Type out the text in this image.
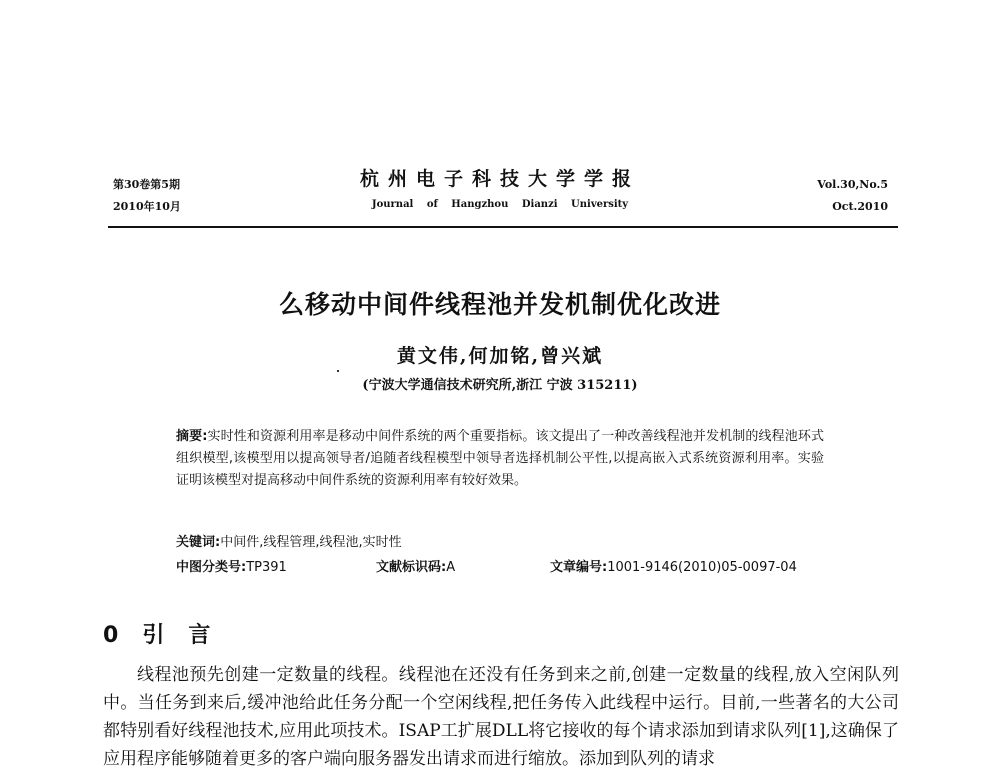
第30卷第5期
2010年10月
杭州电子科技大学学报
Journal of Hangzhou Dianzi University
Vol.30,No.5
Oct.2010
么移动中间件线程池并发机制优化改进
黄文伟,何加铭,曾兴斌
(宁波大学通信技术研究所,浙江 宁波 315211)
摘要:实时性和资源利用率是移动中间件系统的两个重要指标。该文提出了一种改善线程池并发机制的线程池环式组织模型,该模型用以提高领导者/追随者线程模型中领导者选择机制公平性,以提高嵌入式系统资源利用率。实验证明该模型对提高移动中间件系统的资源利用率有较好效果。
关键词:中间件,线程管理,线程池,实时性
中图分类号:TP391	文献标识码:A	文章编号:1001-9146(2010)05-0097-04
0 引 言

线程池预先创建一定数量的线程。线程池在还没有任务到来之前,创建一定数量的线程,放入空闲队列中。当任务到来后,缓冲池给此任务分配一个空闲线程,把任务传入此线程中运行。目前,一些著名的大公司都特别看好线程池技术,应用此项技术。ISAP工扩展DLL将它接收的每个请求添加到请求队列[1],这确保了应用程序能够随着更多的客户端向服务器发出请求而进行缩放。添加到队列的请求
